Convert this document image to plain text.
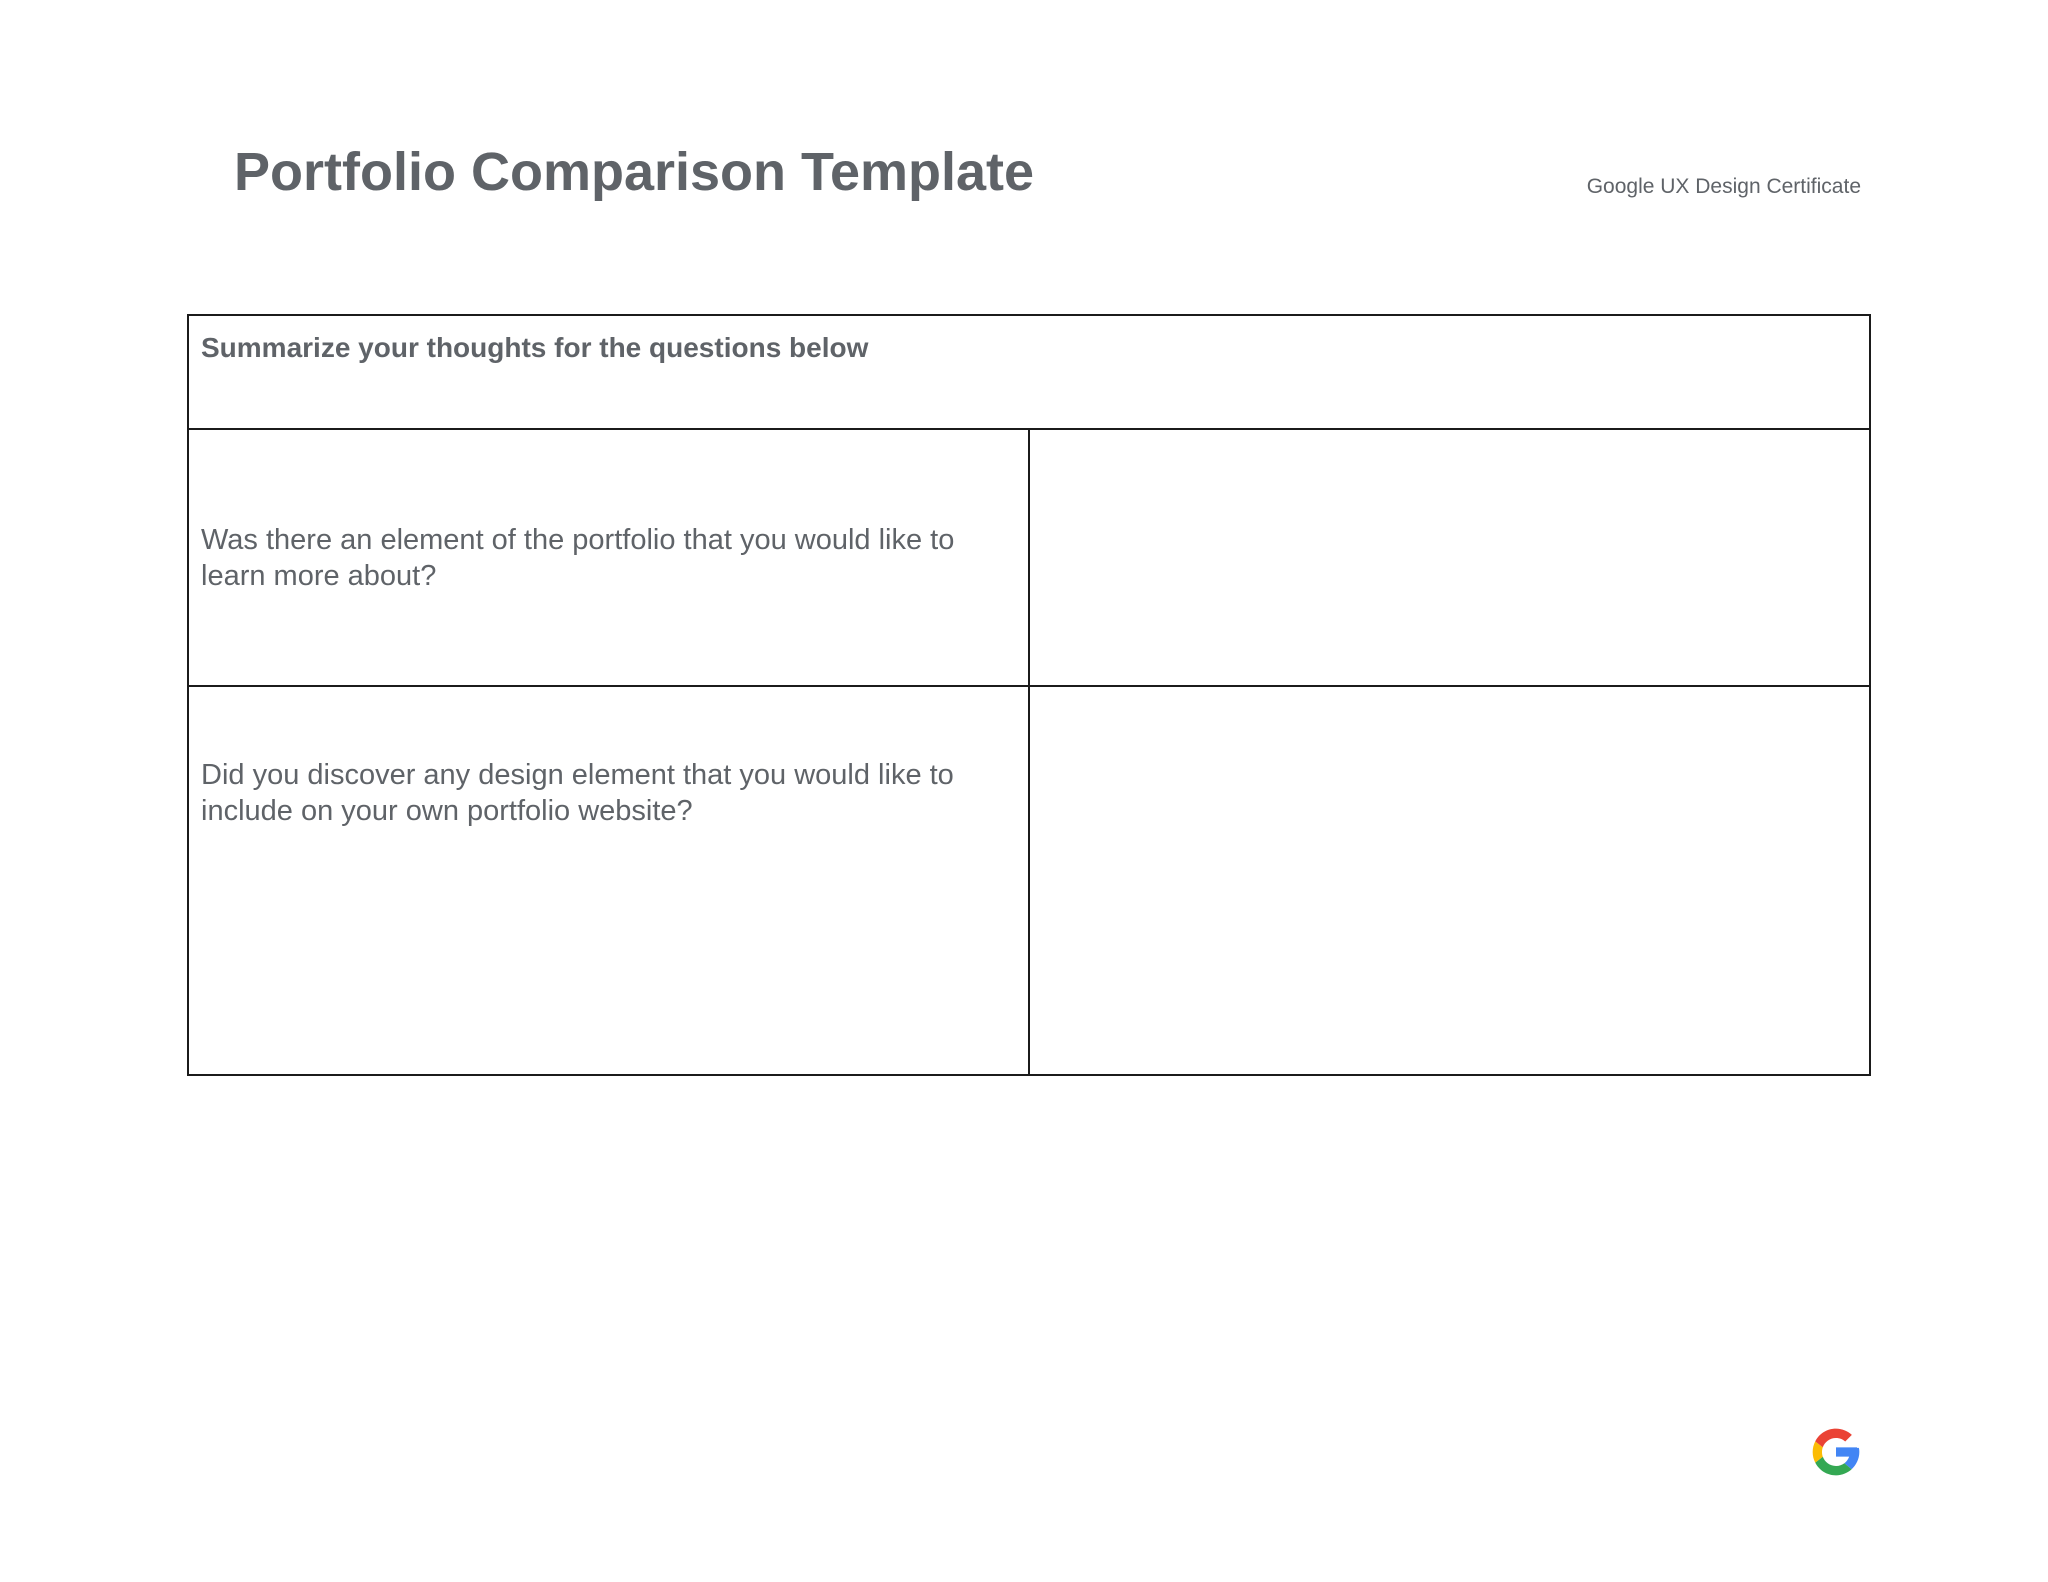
Portfolio Comparison Template	Google UX Design Certificate
Summarize your thoughts for the questions below	
Was there an element of the portfolio that you would like to learn more about?	
Did you discover any design element that you would like to include on your own portfolio website?	
